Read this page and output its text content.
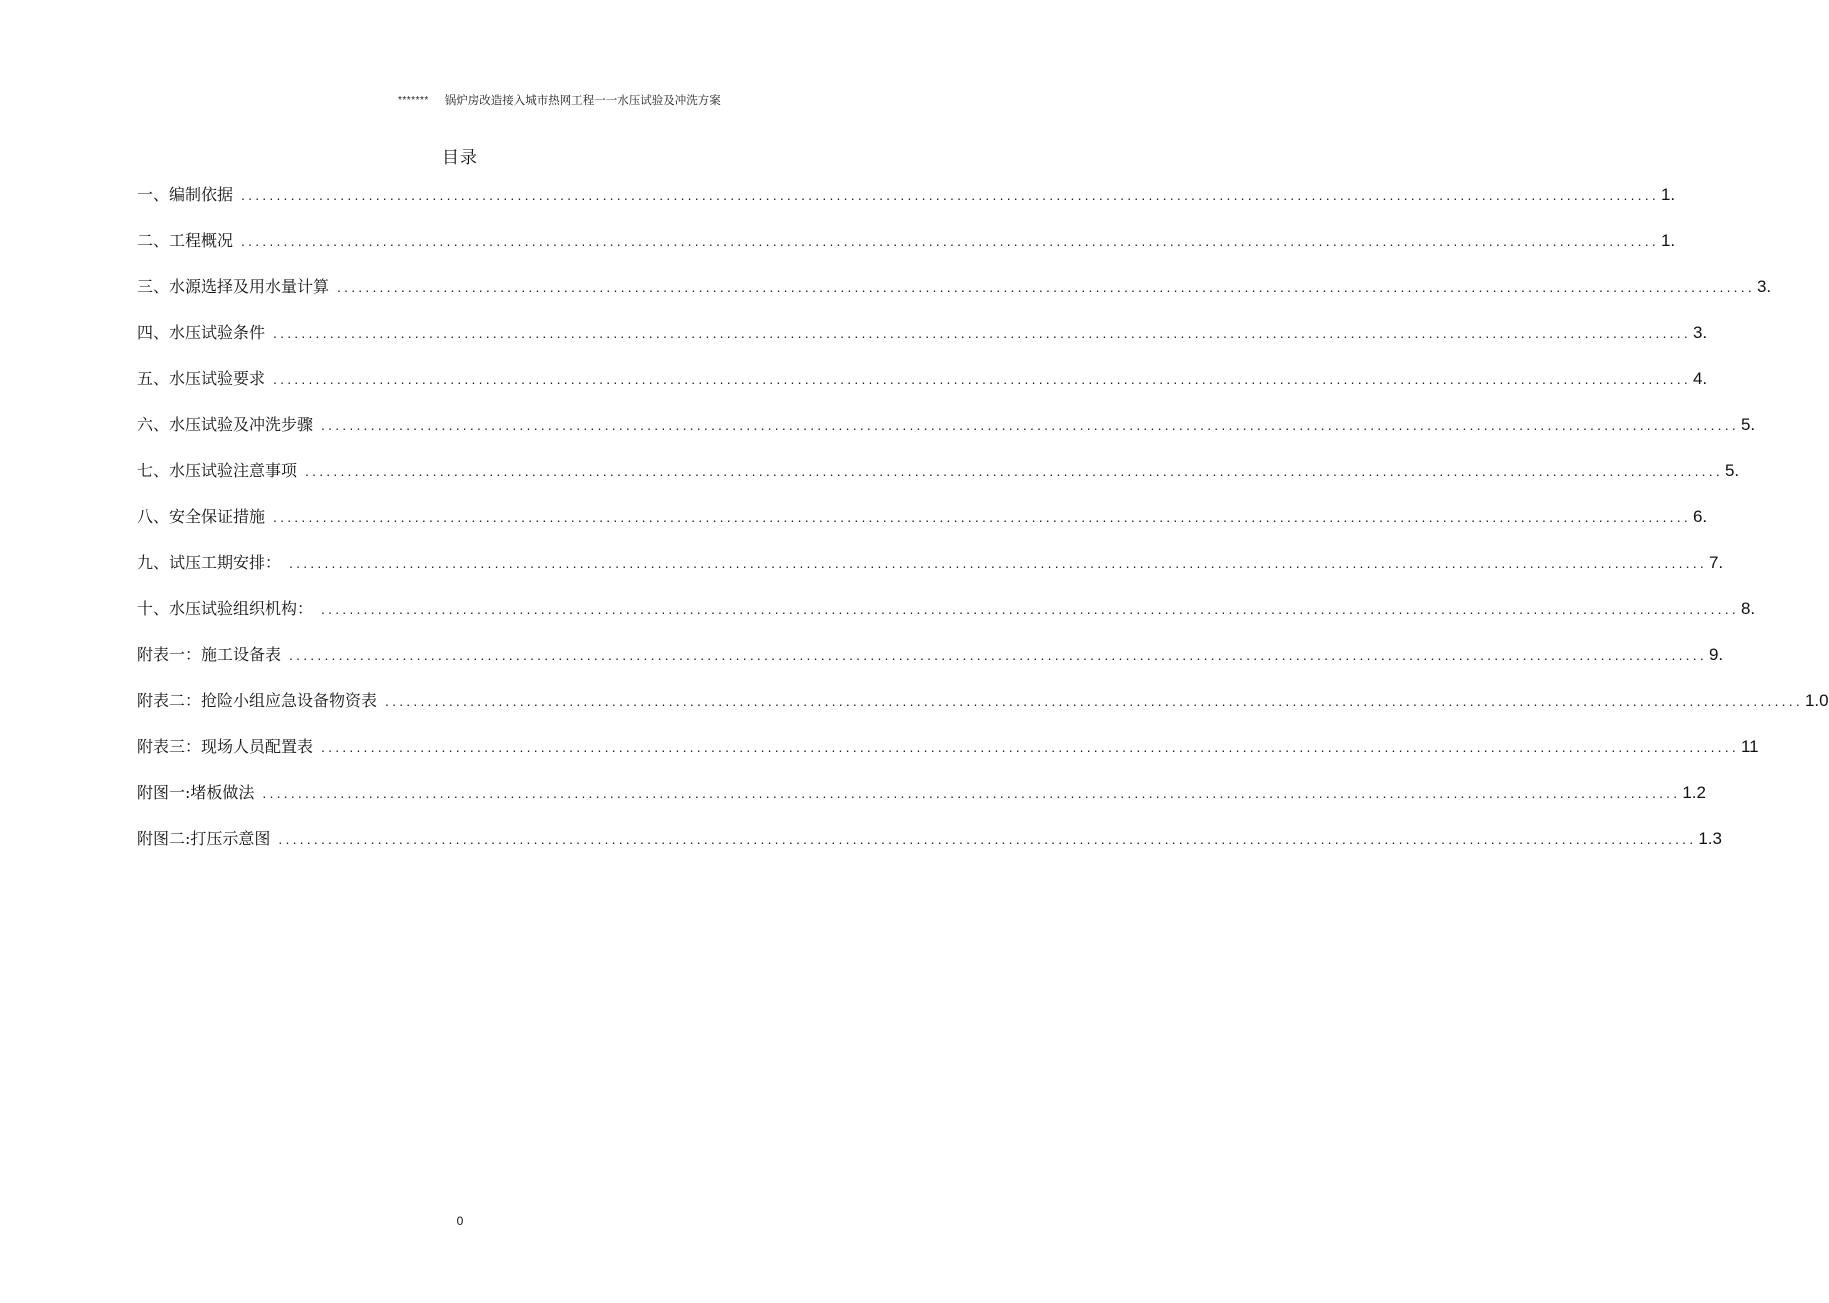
******* 锅炉房改造接入城市热网工程一一水压试验及冲洗方案
目录
一、编制依据 ........................................................................................................................................................................................................ 1.
二、工程概况 ........................................................................................................................................................................................................ 1.
三、水源选择及用水量计算 ........................................................................................................................................................................................................ 3.
四、水压试验条件 ........................................................................................................................................................................................................ 3.
五、水压试验要求 ........................................................................................................................................................................................................ 4.
六、水压试验及冲洗步骤 ........................................................................................................................................................................................................ 5.
七、水压试验注意事项 ........................................................................................................................................................................................................ 5.
八、安全保证措施 ........................................................................................................................................................................................................ 6.
九、试压工期安排： ........................................................................................................................................................................................................ 7.
十、水压试验组织机构： ........................................................................................................................................................................................................ 8.
附表一：施工设备表 ........................................................................................................................................................................................................ 9.
附表二：抢险小组应急设备物资表 ........................................................................................................................................................................................................ 1.0
附表三：现场人员配置表 ........................................................................................................................................................................................................ 11
附图一:堵板做法 ........................................................................................................................................................................................................ 1.2
附图二:打压示意图 ........................................................................................................................................................................................................ 1.3
0
